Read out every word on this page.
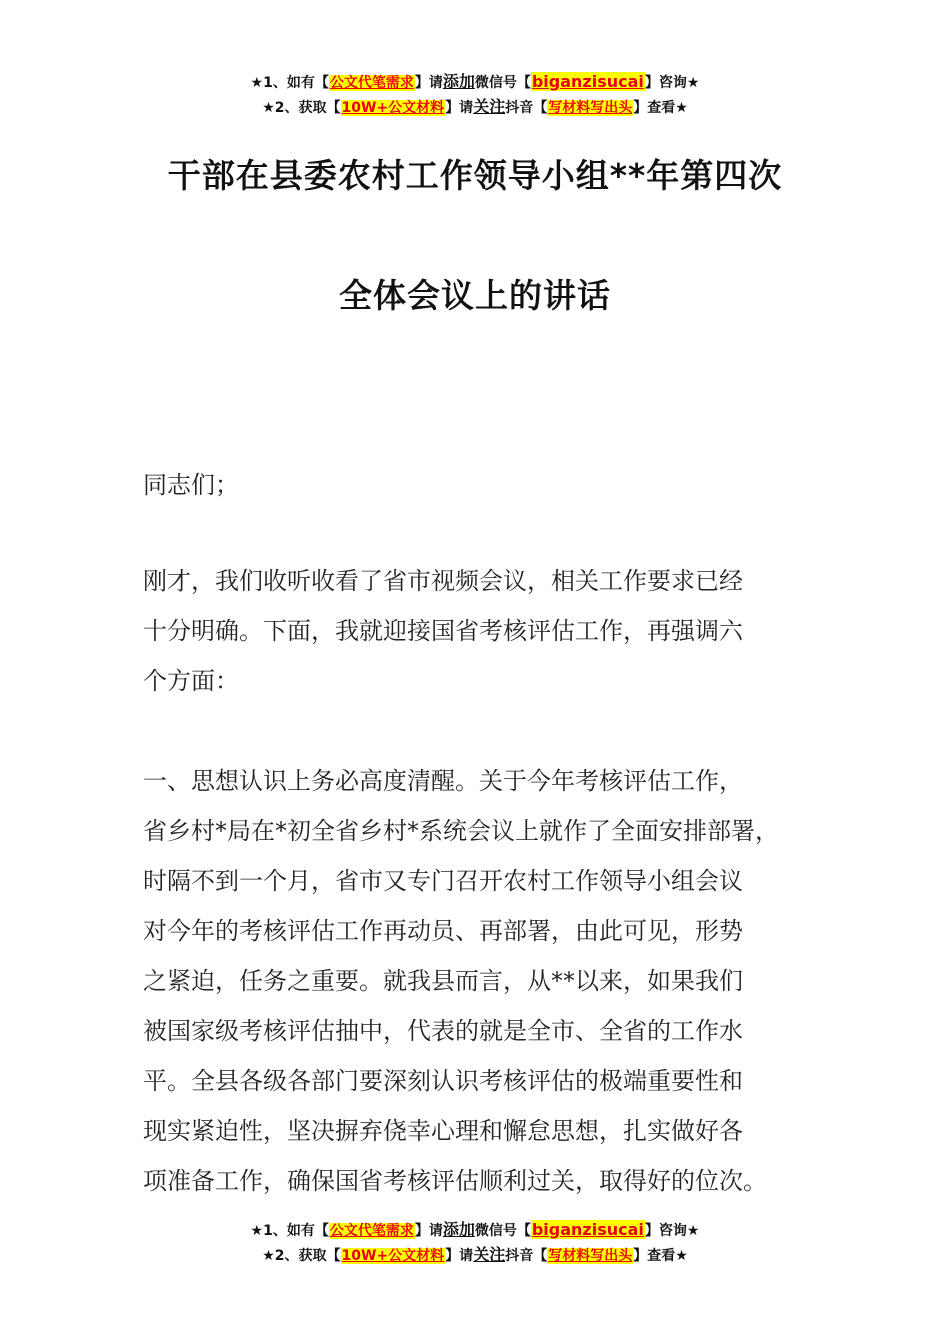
★1、如有【公文代笔需求】请添加微信号【biganzisucai】咨询★
★2、获取【10W+公文材料】请关注抖音【写材料写出头】查看★
干部在县委农村工作领导小组**年第四次
全体会议上的讲话
同志们；
刚才，我们收听收看了省市视频会议，相关工作要求已经
十分明确。下面，我就迎接国省考核评估工作，再强调六
个方面：
一、思想认识上务必高度清醒。关于今年考核评估工作，
省乡村*局在*初全省乡村*系统会议上就作了全面安排部署，
时隔不到一个月，省市又专门召开农村工作领导小组会议
对今年的考核评估工作再动员、再部署，由此可见，形势
之紧迫，任务之重要。就我县而言，从**以来，如果我们
被国家级考核评估抽中，代表的就是全市、全省的工作水
平。全县各级各部门要深刻认识考核评估的极端重要性和
现实紧迫性，坚决摒弃侥幸心理和懈怠思想，扎实做好各
项准备工作，确保国省考核评估顺利过关，取得好的位次。
★1、如有【公文代笔需求】请添加微信号【biganzisucai】咨询★
★2、获取【10W+公文材料】请关注抖音【写材料写出头】查看★
